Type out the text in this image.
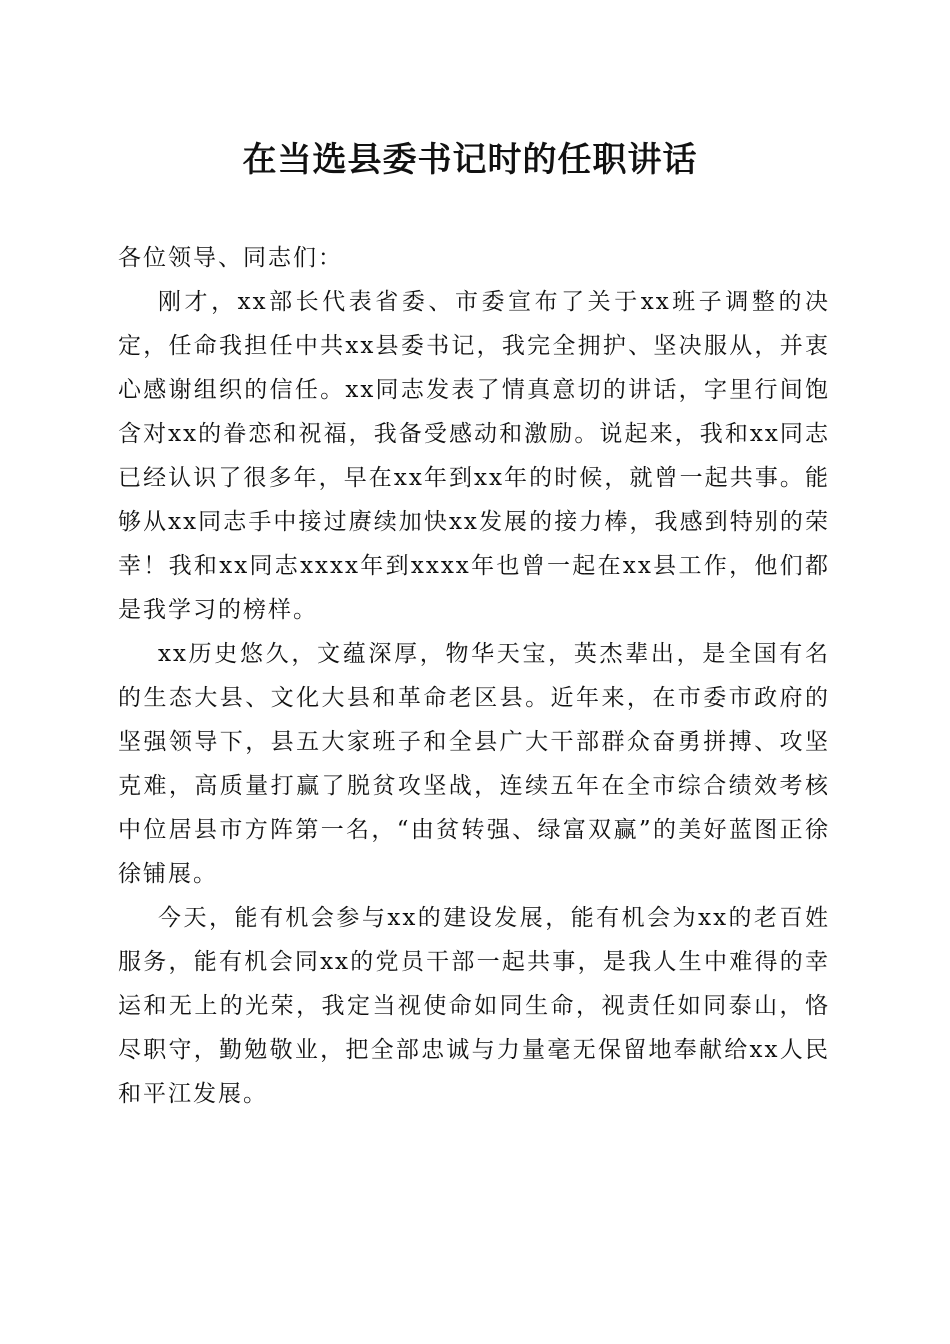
在当选县委书记时的任职讲话

各位领导、同志们：

刚才，xx部长代表省委、市委宣布了关于xx班子调整的决定，任命我担任中共xx县委书记，我完全拥护、坚决服从，并衷心感谢组织的信任。xx同志发表了情真意切的讲话，字里行间饱含对xx的眷恋和祝福，我备受感动和激励。说起来，我和xx同志已经认识了很多年，早在xx年到xx年的时候，就曾一起共事。能够从xx同志手中接过赓续加快xx发展的接力棒，我感到特别的荣幸！我和xx同志xxxx年到xxxx年也曾一起在xx县工作，他们都是我学习的榜样。

xx历史悠久，文蕴深厚，物华天宝，英杰辈出，是全国有名的生态大县、文化大县和革命老区县。近年来，在市委市政府的坚强领导下，县五大家班子和全县广大干部群众奋勇拼搏、攻坚克难，高质量打赢了脱贫攻坚战，连续五年在全市综合绩效考核中位居县市方阵第一名，“由贫转强、绿富双赢”的美好蓝图正徐徐铺展。

今天，能有机会参与xx的建设发展，能有机会为xx的老百姓服务，能有机会同xx的党员干部一起共事，是我人生中难得的幸运和无上的光荣，我定当视使命如同生命，视责任如同泰山，恪尽职守，勤勉敬业，把全部忠诚与力量毫无保留地奉献给xx人民和平江发展。
